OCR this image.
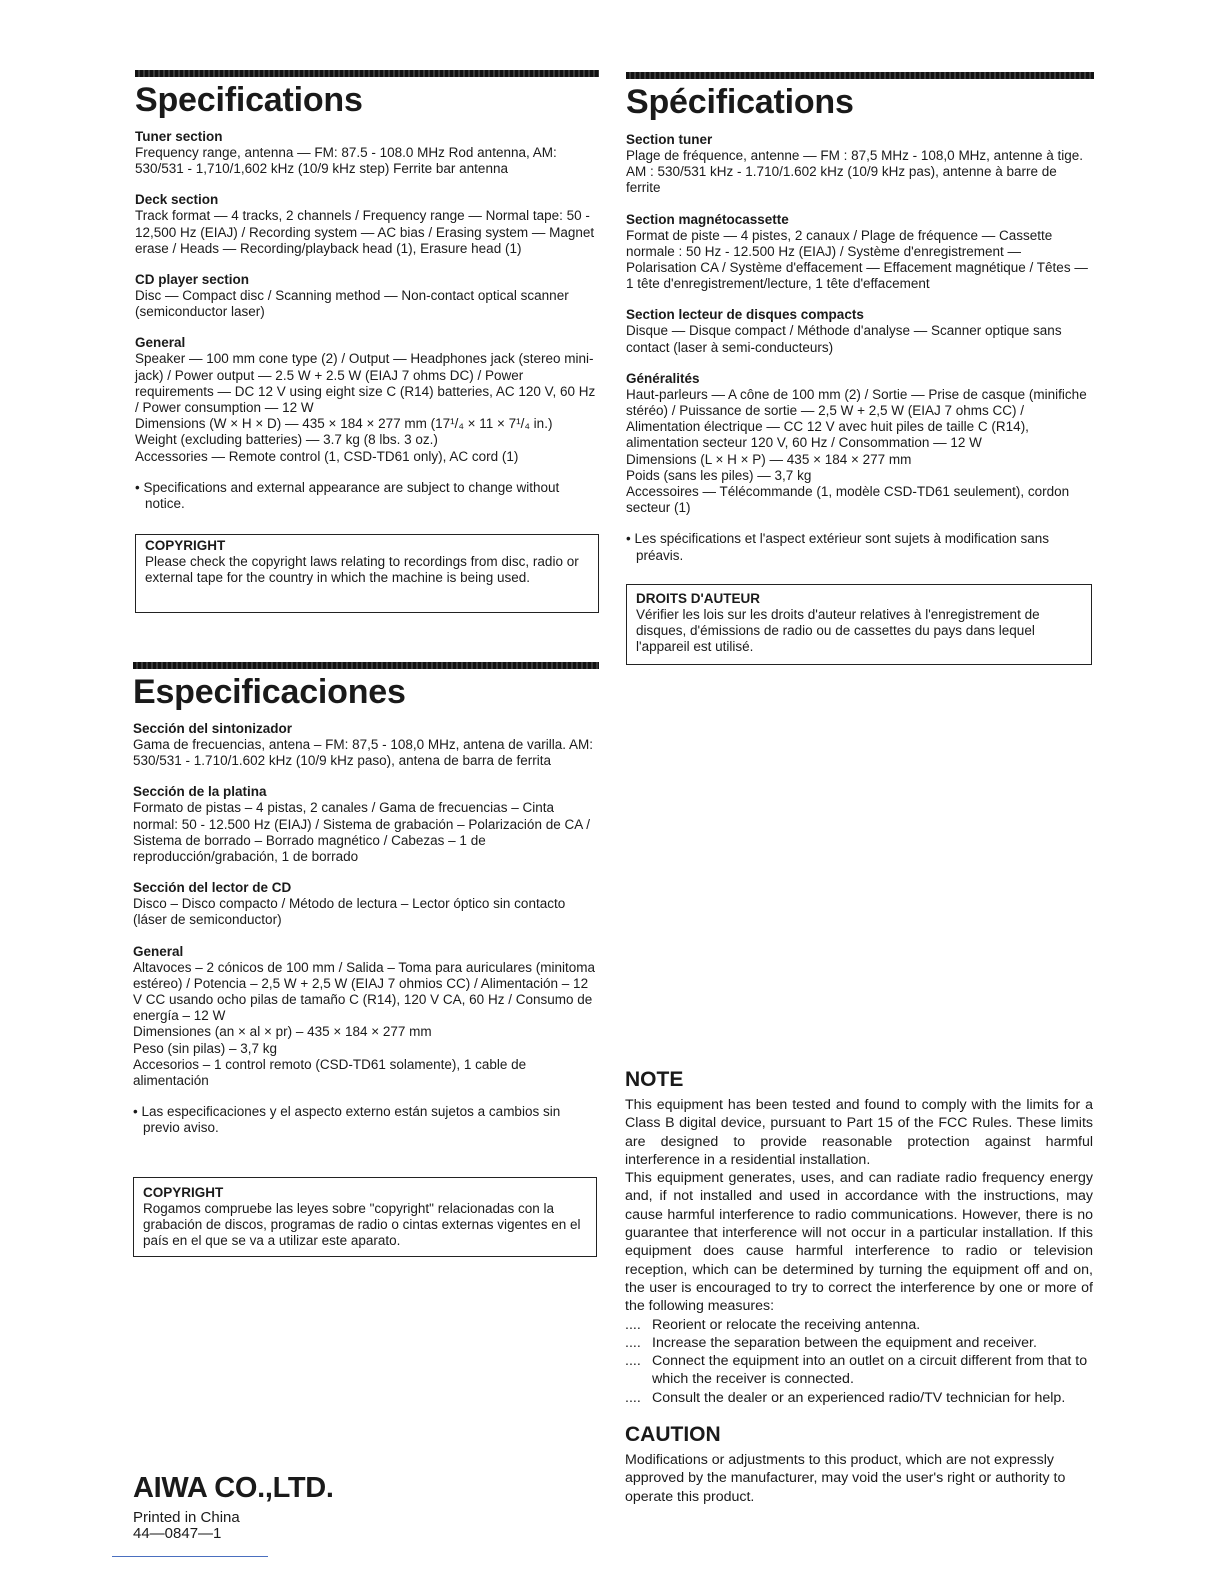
Specifications

Tuner section

Frequency range, antenna — FM: 87.5 - 108.0 MHz Rod antenna, AM: 530/531 - 1,710/1,602 kHz (10/9 kHz step) Ferrite bar antenna

Deck section

Track format — 4 tracks, 2 channels / Frequency range — Normal tape: 50 - 12,500 Hz (EIAJ) / Recording system — AC bias / Erasing system — Magnet erase / Heads — Recording/playback head (1), Erasure head (1)

CD player section

Disc — Compact disc / Scanning method — Non-contact optical scanner (semiconductor laser)

General

Speaker — 100 mm cone type (2) / Output — Headphones jack (stereo mini-jack) / Power output — 2.5 W + 2.5 W (EIAJ 7 ohms DC) / Power requirements — DC 12 V using eight size C (R14) batteries, AC 120 V, 60 Hz / Power consumption — 12 W

Dimensions (W × H × D) — 435 × 184 × 277 mm (17¹/₄ × 11 × 7¹/₄ in.)

Weight (excluding batteries) — 3.7 kg (8 lbs. 3 oz.)

Accessories — Remote control (1, CSD-TD61 only), AC cord (1)

• Specifications and external appearance are subject to change without notice.

COPYRIGHT
Please check the copyright laws relating to recordings from disc, radio or external tape for the country in which the machine is being used.
Spécifications

Section tuner

Plage de fréquence, antenne — FM : 87,5 MHz - 108,0 MHz, antenne à tige. AM : 530/531 kHz - 1.710/1.602 kHz (10/9 kHz pas), antenne à barre de ferrite

Section magnétocassette

Format de piste — 4 pistes, 2 canaux / Plage de fréquence — Cassette normale : 50 Hz - 12.500 Hz (EIAJ) / Système d'enregistrement — Polarisation CA / Système d'effacement — Effacement magnétique / Têtes — 1 tête d'enregistrement/lecture, 1 tête d'effacement

Section lecteur de disques compacts

Disque — Disque compact / Méthode d'analyse — Scanner optique sans contact (laser à semi-conducteurs)

Généralités

Haut-parleurs — A cône de 100 mm (2) / Sortie — Prise de casque (minifiche stéréo) / Puissance de sortie — 2,5 W + 2,5 W (EIAJ 7 ohms CC) / Alimentation électrique — CC 12 V avec huit piles de taille C (R14), alimentation secteur 120 V, 60 Hz / Consommation — 12 W

Dimensions (L × H × P) — 435 × 184 × 277 mm

Poids (sans les piles) — 3,7 kg

Accessoires — Télécommande (1, modèle CSD-TD61 seulement), cordon secteur (1)

• Les spécifications et l'aspect extérieur sont sujets à modification sans préavis.

DROITS D'AUTEUR
Vérifier les lois sur les droits d'auteur relatives à l'enregistrement de disques, d'émissions de radio ou de cassettes du pays dans lequel l'appareil est utilisé.
Especificaciones

Sección del sintonizador

Gama de frecuencias, antena – FM: 87,5 - 108,0 MHz, antena de varilla. AM: 530/531 - 1.710/1.602 kHz (10/9 kHz paso), antena de barra de ferrita

Sección de la platina

Formato de pistas – 4 pistas, 2 canales / Gama de frecuencias – Cinta normal: 50 - 12.500 Hz (EIAJ) / Sistema de grabación – Polarización de CA / Sistema de borrado – Borrado magnético / Cabezas – 1 de reproducción/grabación, 1 de borrado

Sección del lector de CD

Disco – Disco compacto / Método de lectura – Lector óptico sin contacto (láser de semiconductor)

General

Altavoces – 2 cónicos de 100 mm / Salida – Toma para auriculares (minitoma estéreo) / Potencia – 2,5 W + 2,5 W (EIAJ 7 ohmios CC) / Alimentación – 12 V CC usando ocho pilas de tamaño C (R14), 120 V CA, 60 Hz / Consumo de energía – 12 W

Dimensiones (an × al × pr) – 435 × 184 × 277 mm

Peso (sin pilas) – 3,7 kg

Accesorios – 1 control remoto (CSD-TD61 solamente), 1 cable de alimentación

• Las especificaciones y el aspecto externo están sujetos a cambios sin previo aviso.

COPYRIGHT
Rogamos compruebe las leyes sobre "copyright" relacionadas con la grabación de discos, programas de radio o cintas externas vigentes en el país en el que se va a utilizar este aparato.

NOTE

This equipment has been tested and found to comply with the limits for a Class B digital device, pursuant to Part 15 of the FCC Rules. These limits are designed to provide reasonable protection against harmful interference in a residential installation.

This equipment generates, uses, and can radiate radio frequency energy and, if not installed and used in accordance with the instructions, may cause harmful interference to radio communications. However, there is no guarantee that interference will not occur in a particular installation. If this equipment does cause harmful interference to radio or television reception, which can be determined by turning the equipment off and on, the user is encouraged to try to correct the interference by one or more of the following measures:

.... Reorient or relocate the receiving antenna.
.... Increase the separation between the equipment and receiver.
.... Connect the equipment into an outlet on a circuit different from that to which the receiver is connected.
.... Consult the dealer or an experienced radio/TV technician for help.

CAUTION

Modifications or adjustments to this product, which are not expressly approved by the manufacturer, may void the user's right or authority to operate this product.

AIWA CO.,LTD.
Printed in China
44—0847—1
